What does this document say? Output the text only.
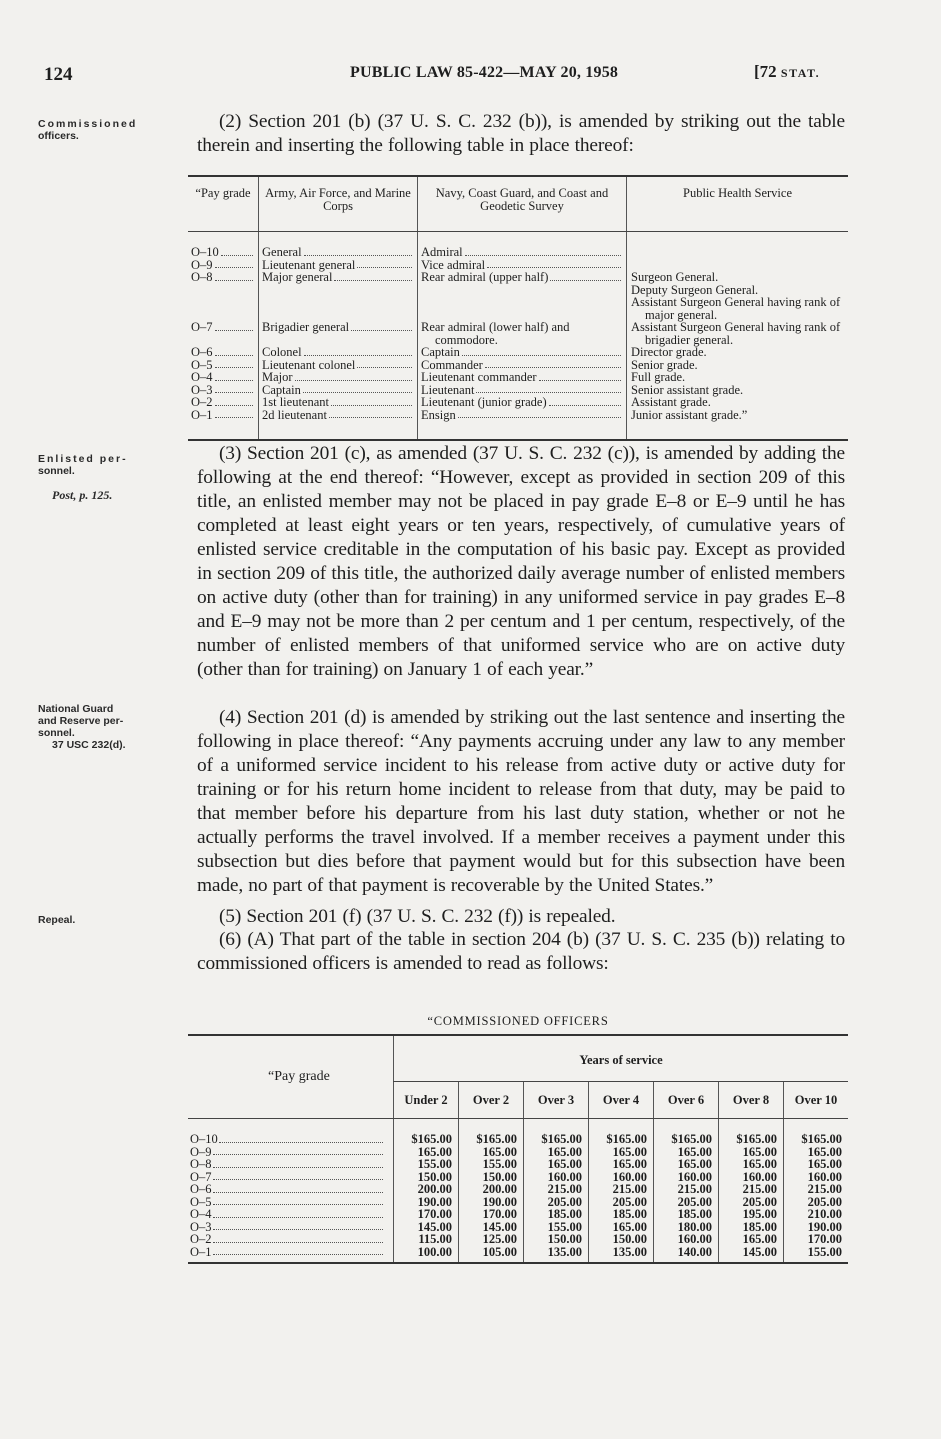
124	PUBLIC LAW 85-422—MAY 20, 1958	[72 STAT.
Commissioned
officers.
Enlisted per-
sonnel.
Post, p. 125.
National Guard
and Reserve per-
sonnel.
37 USC 232(d).
Repeal.

(2) Section 201 (b) (37 U. S. C. 232 (b)), is amended by striking out the table therein and inserting the following table in place thereof:

“Pay grade	Army, Air Force, and Marine Corps	Navy, Coast Guard, and Coast and Geodetic Survey	Public Health Service

O–10	General	Admiral	

O–9	Lieutenant general	Vice admiral	

O–8	Major general	Rear admiral (upper half)	Surgeon General.
Deputy Surgeon General.
Assistant Surgeon General having rank of major general.

O–7	Brigadier general	Rear admiral (lower half) and commodore.	Assistant Surgeon General having rank of brigadier general.

O–6	Colonel	Captain	Director grade.

O–5	Lieutenant colonel	Commander	Senior grade.

O–4	Major	Lieutenant commander	Full grade.

O–3	Captain	Lieutenant	Senior assistant grade.

O–2	1st lieutenant	Lieutenant (junior grade)	Assistant grade.

O–1	2d lieutenant	Ensign	Junior assistant grade.”

(3) Section 201 (c), as amended (37 U. S. C. 232 (c)), is amended by adding the following at the end thereof: “However, except as provided in section 209 of this title, an enlisted member may not be placed in pay grade E–8 or E–9 until he has completed at least eight years or ten years, respectively, of cumulative years of enlisted service creditable in the computation of his basic pay. Except as provided in section 209 of this title, the authorized daily average number of enlisted members on active duty (other than for training) in any uniformed service in pay grades E–8 and E–9 may not be more than 2 per centum and 1 per centum, respectively, of the number of enlisted members of that uniformed service who are on active duty (other than for training) on January 1 of each year.”

(4) Section 201 (d) is amended by striking out the last sentence and inserting the following in place thereof: “Any payments accruing under any law to any member of a uniformed service incident to his release from active duty or active duty for training or for his return home incident to release from that duty, may be paid to that member before his departure from his last duty station, whether or not he actually performs the travel involved. If a member receives a payment under this subsection but dies before that payment would but for this subsection have been made, no part of that payment is recoverable by the United States.”

(5) Section 201 (f) (37 U. S. C. 232 (f)) is repealed.

(6) (A) That part of the table in section 204 (b) (37 U. S. C. 235 (b)) relating to commissioned officers is amended to read as follows:

“COMMISSIONED OFFICERS
“Pay grade	Years of service						
	Under 2	Over 2	Over 3	Over 4	Over 6	Over 8	Over 10

O–10	$165.00	$165.00	$165.00	$165.00	$165.00	$165.00	$165.00

O–9	165.00	165.00	165.00	165.00	165.00	165.00	165.00

O–8	155.00	155.00	165.00	165.00	165.00	165.00	165.00

O–7	150.00	150.00	160.00	160.00	160.00	160.00	160.00

O–6	200.00	200.00	215.00	215.00	215.00	215.00	215.00

O–5	190.00	190.00	205.00	205.00	205.00	205.00	205.00

O–4	170.00	170.00	185.00	185.00	185.00	195.00	210.00

O–3	145.00	145.00	155.00	165.00	180.00	185.00	190.00

O–2	115.00	125.00	150.00	150.00	160.00	165.00	170.00

O–1	100.00	105.00	135.00	135.00	140.00	145.00	155.00
